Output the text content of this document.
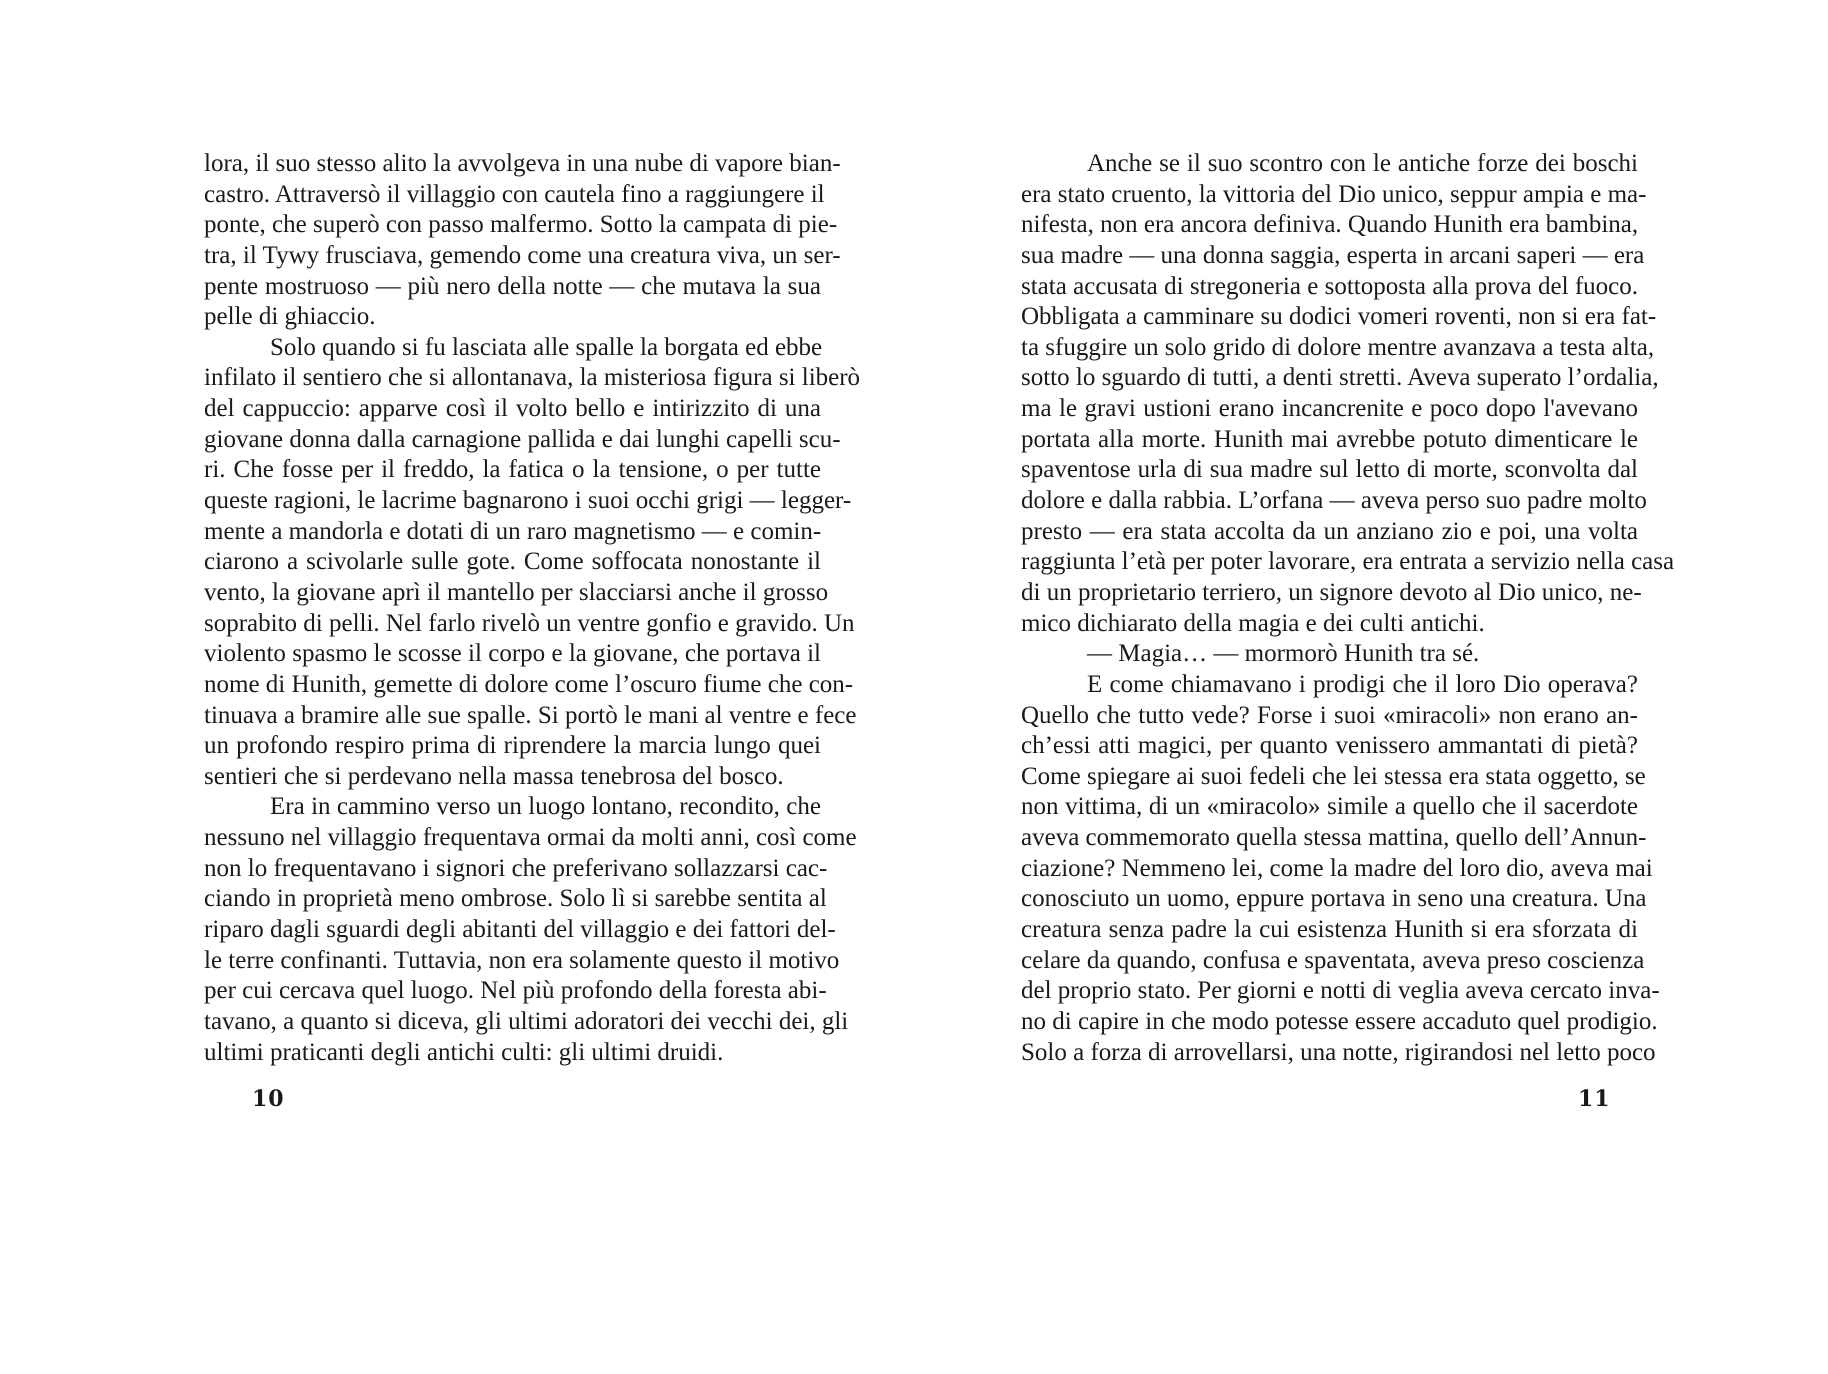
lora, il suo stesso alito la avvolgeva in una nube di vapore bian-
castro. Attraversò il villaggio con cautela fino a raggiungere il
ponte, che superò con passo malfermo. Sotto la campata di pie-
tra, il Tywy frusciava, gemendo come una creatura viva, un ser-
pente mostruoso — più nero della notte — che mutava la sua
pelle di ghiaccio.
Solo quando si fu lasciata alle spalle la borgata ed ebbe
infilato il sentiero che si allontanava, la misteriosa figura si liberò
del cappuccio: apparve così il volto bello e intirizzito di una
giovane donna dalla carnagione pallida e dai lunghi capelli scu-
ri. Che fosse per il freddo, la fatica o la tensione, o per tutte
queste ragioni, le lacrime bagnarono i suoi occhi grigi — legger-
mente a mandorla e dotati di un raro magnetismo — e comin-
ciarono a scivolarle sulle gote. Come soffocata nonostante il
vento, la giovane aprì il mantello per slacciarsi anche il grosso
soprabito di pelli. Nel farlo rivelò un ventre gonfio e gravido. Un
violento spasmo le scosse il corpo e la giovane, che portava il
nome di Hunith, gemette di dolore come l’oscuro fiume che con-
tinuava a bramire alle sue spalle. Si portò le mani al ventre e fece
un profondo respiro prima di riprendere la marcia lungo quei
sentieri che si perdevano nella massa tenebrosa del bosco.
Era in cammino verso un luogo lontano, recondito, che
nessuno nel villaggio frequentava ormai da molti anni, così come
non lo frequentavano i signori che preferivano sollazzarsi cac-
ciando in proprietà meno ombrose. Solo lì si sarebbe sentita al
riparo dagli sguardi degli abitanti del villaggio e dei fattori del-
le terre confinanti. Tuttavia, non era solamente questo il motivo
per cui cercava quel luogo. Nel più profondo della foresta abi-
tavano, a quanto si diceva, gli ultimi adoratori dei vecchi dei, gli
ultimi praticanti degli antichi culti: gli ultimi druidi.
Anche se il suo scontro con le antiche forze dei boschi
era stato cruento, la vittoria del Dio unico, seppur ampia e ma-
nifesta, non era ancora definiva. Quando Hunith era bambina,
sua madre — una donna saggia, esperta in arcani saperi — era
stata accusata di stregoneria e sottoposta alla prova del fuoco.
Obbligata a camminare su dodici vomeri roventi, non si era fat-
ta sfuggire un solo grido di dolore mentre avanzava a testa alta,
sotto lo sguardo di tutti, a denti stretti. Aveva superato l’ordalia,
ma le gravi ustioni erano incancrenite e poco dopo l'avevano
portata alla morte. Hunith mai avrebbe potuto dimenticare le
spaventose urla di sua madre sul letto di morte, sconvolta dal
dolore e dalla rabbia. L’orfana — aveva perso suo padre molto
presto — era stata accolta da un anziano zio e poi, una volta
raggiunta l’età per poter lavorare, era entrata a servizio nella casa
di un proprietario terriero, un signore devoto al Dio unico, ne-
mico dichiarato della magia e dei culti antichi.
— Magia… — mormorò Hunith tra sé.
E come chiamavano i prodigi che il loro Dio operava?
Quello che tutto vede? Forse i suoi «miracoli» non erano an-
ch’essi atti magici, per quanto venissero ammantati di pietà?
Come spiegare ai suoi fedeli che lei stessa era stata oggetto, se
non vittima, di un «miracolo» simile a quello che il sacerdote
aveva commemorato quella stessa mattina, quello dell’Annun-
ciazione? Nemmeno lei, come la madre del loro dio, aveva mai
conosciuto un uomo, eppure portava in seno una creatura. Una
creatura senza padre la cui esistenza Hunith si era sforzata di
celare da quando, confusa e spaventata, aveva preso coscienza
del proprio stato. Per giorni e notti di veglia aveva cercato inva-
no di capire in che modo potesse essere accaduto quel prodigio.
Solo a forza di arrovellarsi, una notte, rigirandosi nel letto poco
10	11
